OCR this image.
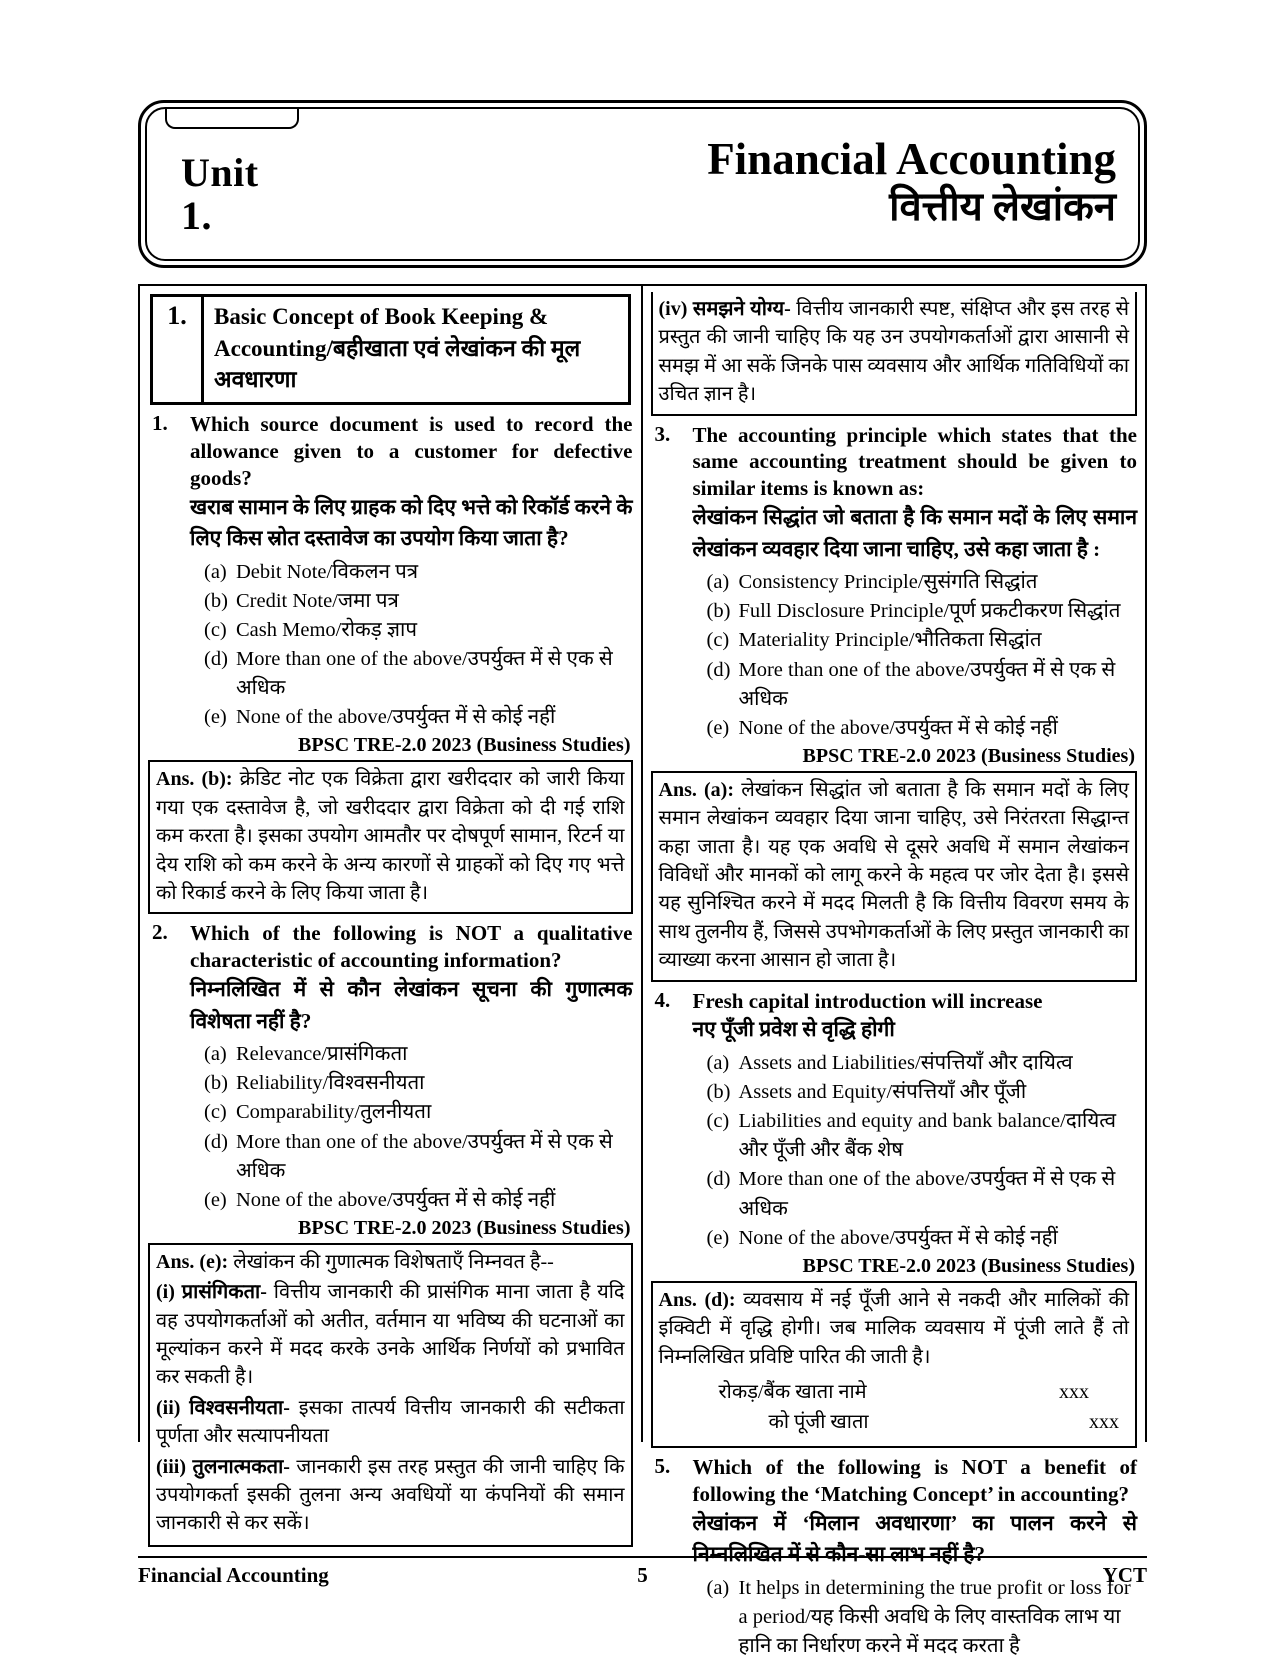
Unit
1.
Financial Accounting
वित्तीय लेखांकन
1.	Basic Concept of Book Keeping & Accounting/बहीखाता एवं लेखांकन की मूल अवधारणा
1.	Which source document is used to record the allowance given to a customer for defective goods?
खराब सामान के लिए ग्राहक को दिए भत्ते को रिकॉर्ड करने के लिए किस स्रोत दस्तावेज का उपयोग किया जाता है?
(a) Debit Note/विकलन पत्र
(b) Credit Note/जमा पत्र
(c) Cash Memo/रोकड़ ज्ञाप
(d) More than one of the above/उपर्युक्त में से एक से अधिक
(e) None of the above/उपर्युक्त में से कोई नहीं
BPSC TRE-2.0 2023 (Business Studies)
Ans. (b): क्रेडिट नोट एक विक्रेता द्वारा खरीददार को जारी किया गया एक दस्तावेज है, जो खरीददार द्वारा विक्रेता को दी गई राशि कम करता है। इसका उपयोग आमतौर पर दोषपूर्ण सामान, रिटर्न या देय राशि को कम करने के अन्य कारणों से ग्राहकों को दिए गए भत्ते को रिकार्ड करने के लिए किया जाता है।
2.	Which of the following is NOT a qualitative characteristic of accounting information?
निम्नलिखित में से कौन लेखांकन सूचना की गुणात्मक विशेषता नहीं है?
(a) Relevance/प्रासंगिकता
(b) Reliability/विश्वसनीयता
(c) Comparability/तुलनीयता
(d) More than one of the above/उपर्युक्त में से एक से अधिक
(e) None of the above/उपर्युक्त में से कोई नहीं
BPSC TRE-2.0 2023 (Business Studies)
Ans. (e): लेखांकन की गुणात्मक विशेषताएँ निम्नवत है--
(i) प्रासंगिकता- वित्तीय जानकारी की प्रासंगिक माना जाता है यदि वह उपयोगकर्ताओं को अतीत, वर्तमान या भविष्य की घटनाओं का मूल्यांकन करने में मदद करके उनके आर्थिक निर्णयों को प्रभावित कर सकती है।
(ii) विश्वसनीयता- इसका तात्पर्य वित्तीय जानकारी की सटीकता पूर्णता और सत्यापनीयता
(iii) तुलनात्मकता- जानकारी इस तरह प्रस्तुत की जानी चाहिए कि उपयोगकर्ता इसकी तुलना अन्य अवधियों या कंपनियों की समान जानकारी से कर सकें।
(iv) समझने योग्य- वित्तीय जानकारी स्पष्ट, संक्षिप्त और इस तरह से प्रस्तुत की जानी चाहिए कि यह उन उपयोगकर्ताओं द्वारा आसानी से समझ में आ सकें जिनके पास व्यवसाय और आर्थिक गतिविधियों का उचित ज्ञान है।
3.	The accounting principle which states that the same accounting treatment should be given to similar items is known as:
लेखांकन सिद्धांत जो बताता है कि समान मदों के लिए समान लेखांकन व्यवहार दिया जाना चाहिए, उसे कहा जाता है :
(a) Consistency Principle/सुसंगति सिद्धांत
(b) Full Disclosure Principle/पूर्ण प्रकटीकरण सिद्धांत
(c) Materiality Principle/भौतिकता सिद्धांत
(d) More than one of the above/उपर्युक्त में से एक से अधिक
(e) None of the above/उपर्युक्त में से कोई नहीं
BPSC TRE-2.0 2023 (Business Studies)
Ans. (a): लेखांकन सिद्धांत जो बताता है कि समान मदों के लिए समान लेखांकन व्यवहार दिया जाना चाहिए, उसे निरंतरता सिद्धान्त कहा जाता है। यह एक अवधि से दूसरे अवधि में समान लेखांकन विविधों और मानकों को लागू करने के महत्व पर जोर देता है। इससे यह सुनिश्चित करने में मदद मिलती है कि वित्तीय विवरण समय के साथ तुलनीय हैं, जिससे उपभोगकर्ताओं के लिए प्रस्तुत जानकारी का व्याख्या करना आसान हो जाता है।
4.	Fresh capital introduction will increase
नए पूँजी प्रवेश से वृद्धि होगी
(a) Assets and Liabilities/संपत्तियाँ और दायित्व
(b) Assets and Equity/संपत्तियाँ और पूँजी
(c) Liabilities and equity and bank balance/दायित्व और पूँजी और बैंक शेष
(d) More than one of the above/उपर्युक्त में से एक से अधिक
(e) None of the above/उपर्युक्त में से कोई नहीं
BPSC TRE-2.0 2023 (Business Studies)
Ans. (d): व्यवसाय में नई पूँजी आने से नकदी और मालिकों की इक्विटी में वृद्धि होगी। जब मालिक व्यवसाय में पूंजी लाते हैं तो निम्नलिखित प्रविष्टि पारित की जाती है।
रोकड़/बैंक खाता नामे	xxx
को पूंजी खाता	xxx
5.	Which of the following is NOT a benefit of following the ‘Matching Concept’ in accounting?
लेखांकन में ‘मिलान अवधारणा’ का पालन करने से निम्नलिखित में से कौन-सा लाभ नहीं है?
(a) It helps in determining the true profit or loss for a period/यह किसी अवधि के लिए वास्तविक लाभ या हानि का निर्धारण करने में मदद करता है
Financial Accounting	5	YCT
